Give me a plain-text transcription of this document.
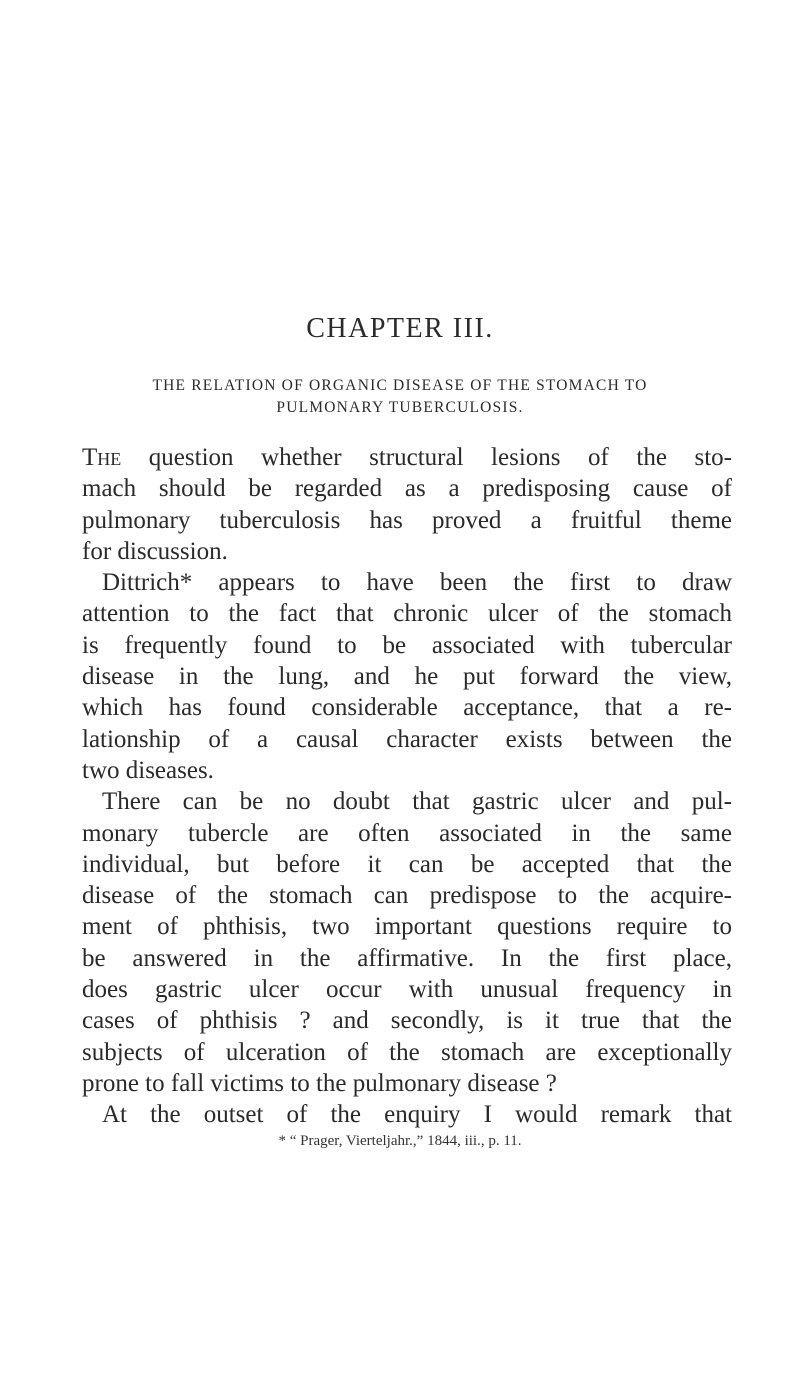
CHAPTER III.
THE RELATION OF ORGANIC DISEASE OF THE STOMACH TO
PULMONARY TUBERCULOSIS.
The question whether structural lesions of the sto-
mach should be regarded as a predisposing cause of
pulmonary tuberculosis has proved a fruitful theme
for discussion.
Dittrich* appears to have been the first to draw
attention to the fact that chronic ulcer of the stomach
is frequently found to be associated with tubercular
disease in the lung, and he put forward the view,
which has found considerable acceptance, that a re-
lationship of a causal character exists between the
two diseases.
There can be no doubt that gastric ulcer and pul-
monary tubercle are often associated in the same
individual, but before it can be accepted that the
disease of the stomach can predispose to the acquire-
ment of phthisis, two important questions require to
be answered in the affirmative. In the first place,
does gastric ulcer occur with unusual frequency in
cases of phthisis ? and secondly, is it true that the
subjects of ulceration of the stomach are exceptionally
prone to fall victims to the pulmonary disease ?
At the outset of the enquiry I would remark that
* “ Prager, Vierteljahr.,” 1844, iii., p. 11.
